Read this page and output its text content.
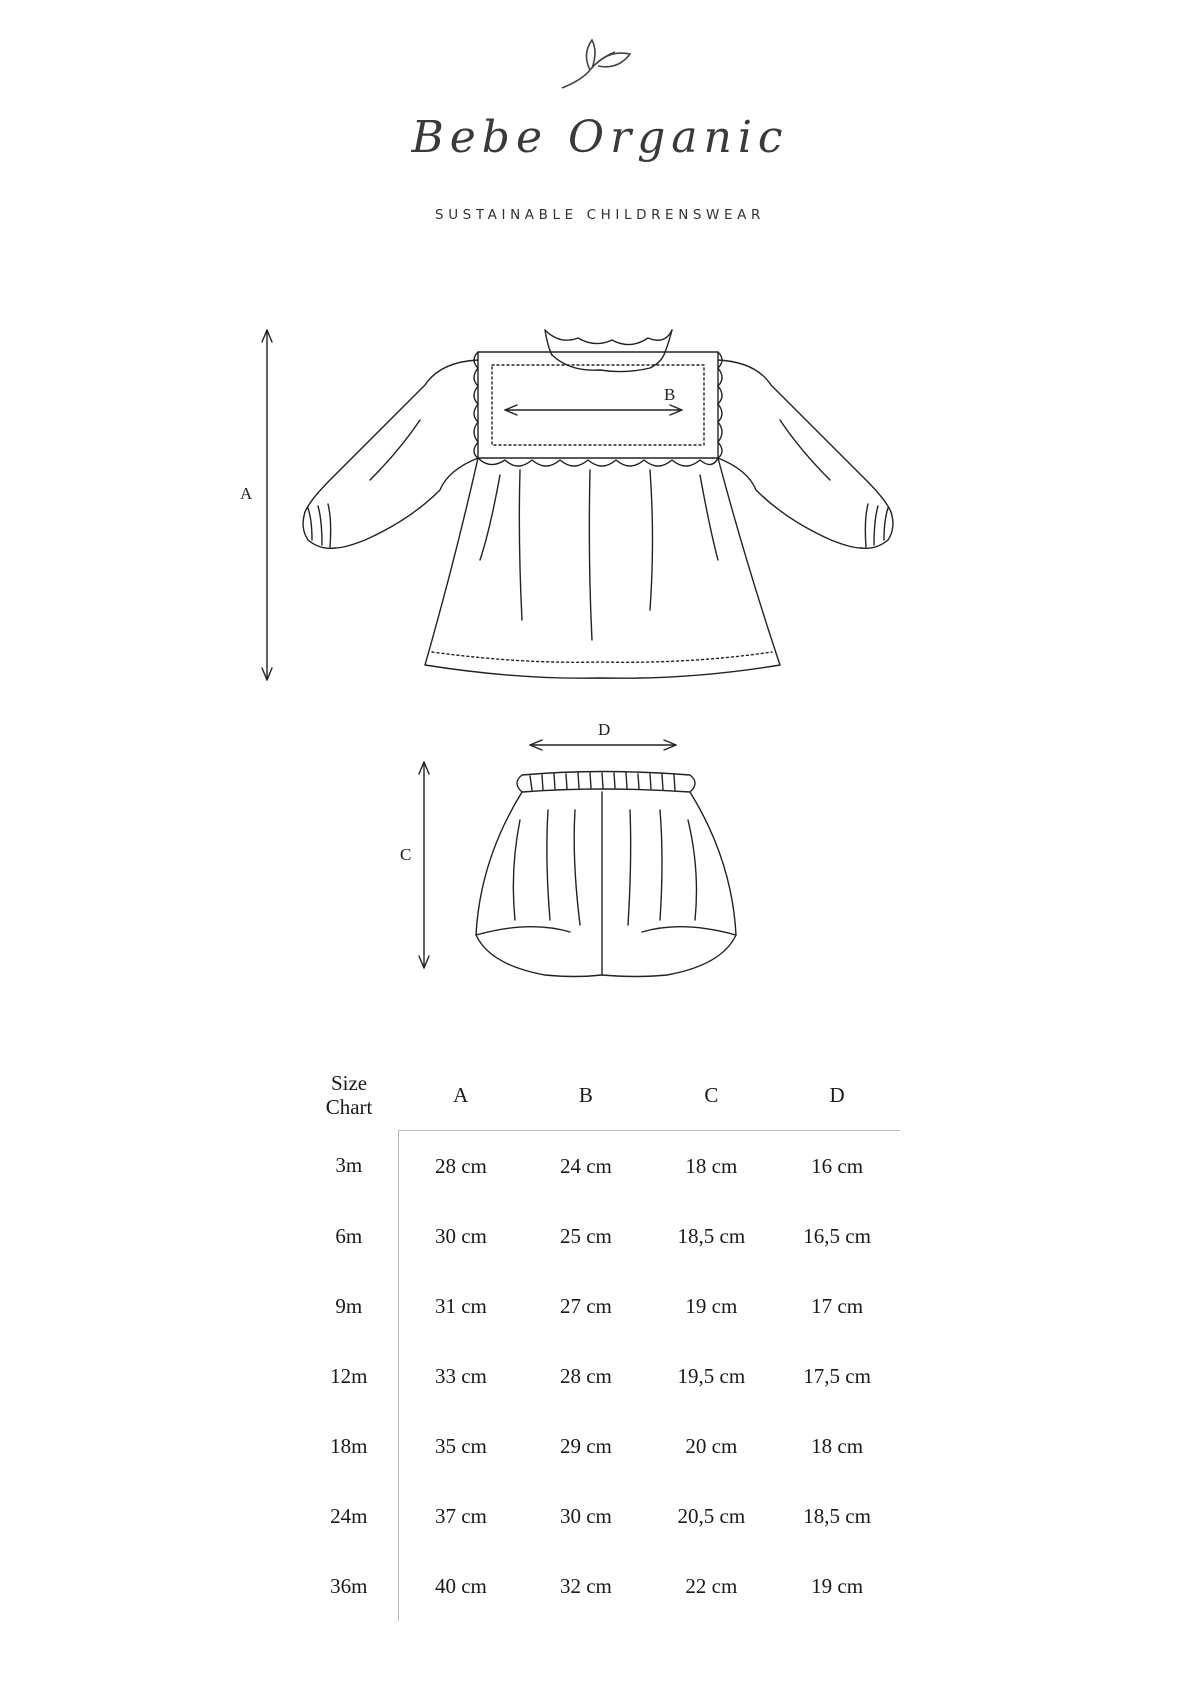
Bebe Organic
SUSTAINABLE CHILDRENSWEAR
A
B
D
C
Size
Chart	A	B	C	D
3m	28 cm	24 cm	18 cm	16 cm
6m	30 cm	25 cm	18,5 cm	16,5 cm
9m	31 cm	27 cm	19 cm	17 cm
12m	33 cm	28 cm	19,5 cm	17,5 cm
18m	35 cm	29 cm	20 cm	18 cm
24m	37 cm	30 cm	20,5 cm	18,5 cm
36m	40 cm	32 cm	22 cm	19 cm
